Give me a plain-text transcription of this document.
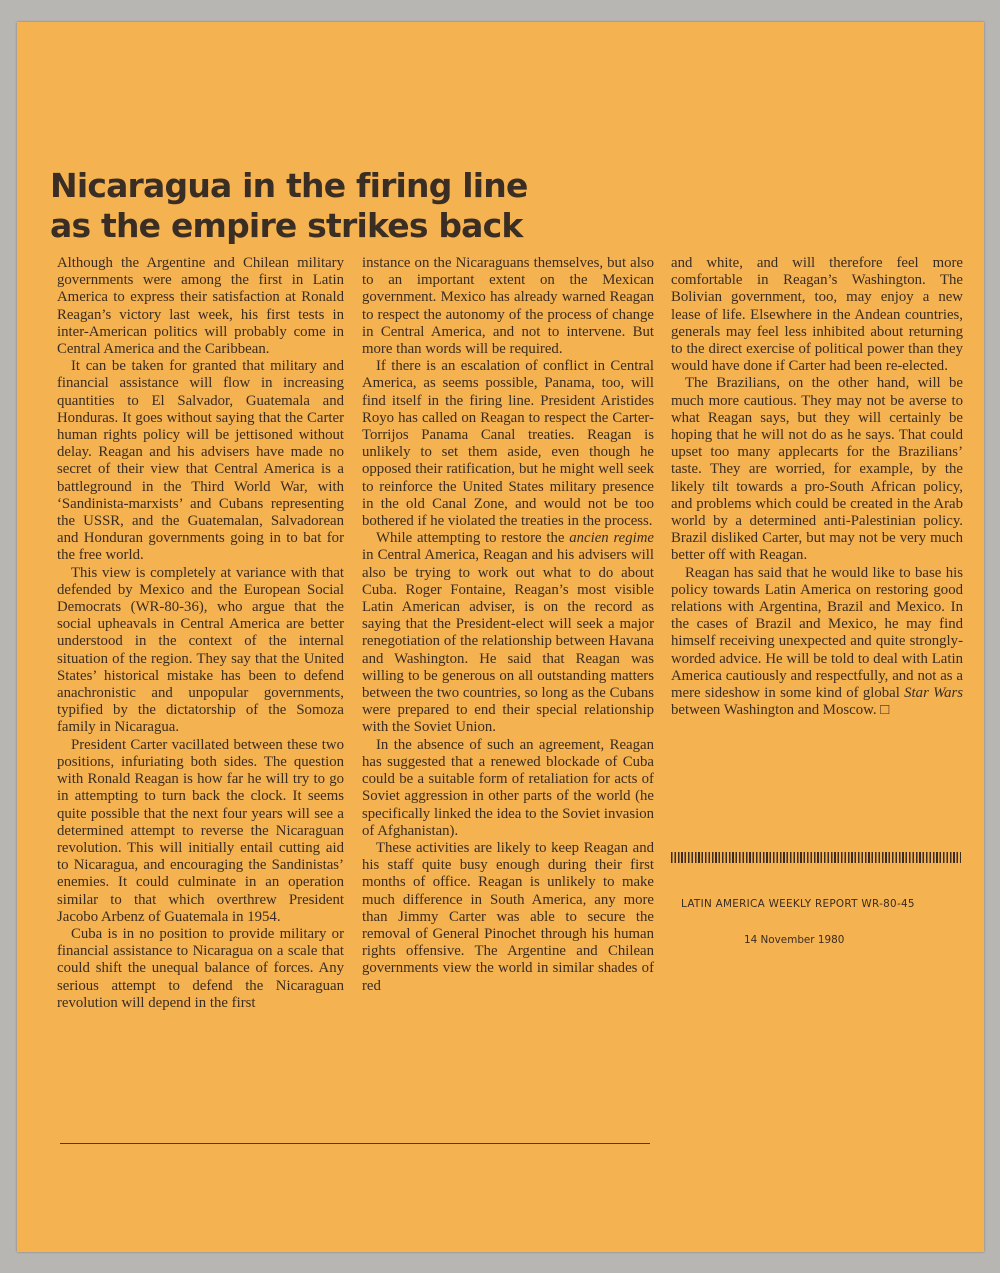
Nicaragua in the firing line
as the empire strikes back

Although the Argentine and Chilean military governments were among the first in Latin America to express their satisfaction at Ronald Reagan’s victory last week, his first tests in inter-American politics will probably come in Central America and the Caribbean.

It can be taken for granted that military and financial assistance will flow in increasing quantities to El Salvador, Guatemala and Honduras. It goes without saying that the Carter human rights policy will be jettisoned without delay. Reagan and his advisers have made no secret of their view that Central America is a battleground in the Third World War, with ‘Sandinista-marxists’ and Cubans representing the USSR, and the Guatemalan, Salvadorean and Honduran governments going in to bat for the free world.

This view is completely at variance with that defended by Mexico and the European Social Democrats (WR-80-36), who argue that the social upheavals in Central America are better understood in the context of the internal situation of the region. They say that the United States’ historical mistake has been to defend anachronistic and unpopular governments, typified by the dictatorship of the Somoza family in Nicaragua.

President Carter vacillated between these two positions, infuriating both sides. The question with Ronald Reagan is how far he will try to go in attempting to turn back the clock. It seems quite possible that the next four years will see a determined attempt to reverse the Nicaraguan revolution. This will initially entail cutting aid to Nicaragua, and encouraging the Sandinistas’ enemies. It could culminate in an operation similar to that which overthrew President Jacobo Arbenz of Guatemala in 1954.

Cuba is in no position to provide military or financial assistance to Nicaragua on a scale that could shift the unequal balance of forces. Any serious attempt to defend the Nicaraguan revolution will depend in the first

instance on the Nicaraguans themselves, but also to an important extent on the Mexican government. Mexico has already warned Reagan to respect the autonomy of the process of change in Central America, and not to intervene. But more than words will be required.

If there is an escalation of conflict in Central America, as seems possible, Panama, too, will find itself in the firing line. President Aristides Royo has called on Reagan to respect the Carter-Torrijos Panama Canal treaties. Reagan is unlikely to set them aside, even though he opposed their ratification, but he might well seek to reinforce the United States military presence in the old Canal Zone, and would not be too bothered if he violated the treaties in the process.

While attempting to restore the ancien regime in Central America, Reagan and his advisers will also be trying to work out what to do about Cuba. Roger Fontaine, Reagan’s most visible Latin American adviser, is on the record as saying that the President-elect will seek a major renegotiation of the relationship between Havana and Washington. He said that Reagan was willing to be generous on all outstanding matters between the two countries, so long as the Cubans were prepared to end their special relationship with the Soviet Union.

In the absence of such an agreement, Reagan has suggested that a renewed blockade of Cuba could be a suitable form of retaliation for acts of Soviet aggression in other parts of the world (he specifically linked the idea to the Soviet invasion of Afghanistan).

These activities are likely to keep Reagan and his staff quite busy enough during their first months of office. Reagan is unlikely to make much difference in South America, any more than Jimmy Carter was able to secure the removal of General Pinochet through his human rights offensive. The Argentine and Chilean governments view the world in similar shades of red

and white, and will therefore feel more comfortable in Reagan’s Washington. The Bolivian government, too, may enjoy a new lease of life. Elsewhere in the Andean countries, generals may feel less inhibited about returning to the direct exercise of political power than they would have done if Carter had been re-elected.

The Brazilians, on the other hand, will be much more cautious. They may not be averse to what Reagan says, but they will certainly be hoping that he will not do as he says. That could upset too many applecarts for the Brazilians’ taste. They are worried, for example, by the likely tilt towards a pro-South African policy, and problems which could be created in the Arab world by a determined anti-Palestinian policy. Brazil disliked Carter, but may not be very much better off with Reagan.

Reagan has said that he would like to base his policy towards Latin America on restoring good relations with Argentina, Brazil and Mexico. In the cases of Brazil and Mexico, he may find himself receiving unexpected and quite strongly-worded advice. He will be told to deal with Latin America cautiously and respectfully, and not as a mere sideshow in some kind of global Star Wars between Washington and Moscow. □

LATIN AMERICA WEEKLY REPORT WR-80-45
14 November 1980
